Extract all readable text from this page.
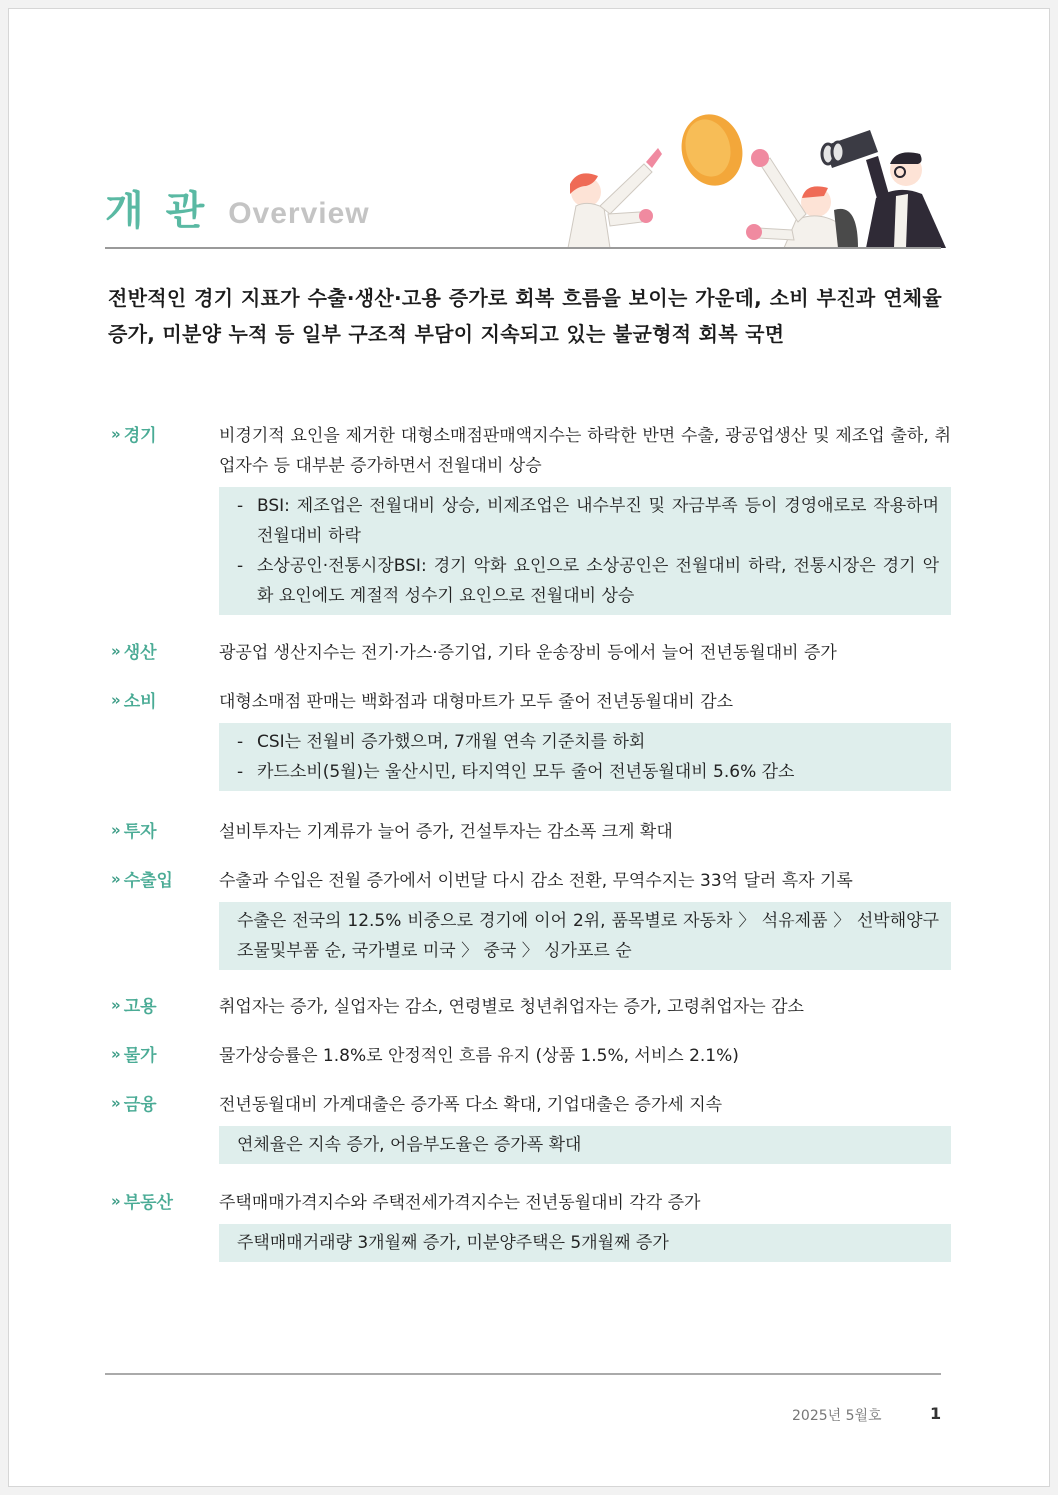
개 관 Overview

전반적인 경기 지표가 수출·생산·고용 증가로 회복 흐름을 보이는 가운데, 소비 부진과 연체율 증가, 미분양 누적 등 일부 구조적 부담이 지속되고 있는 불균형적 회복 국면

» 경기	비경기적 요인을 제거한 대형소매점판매액지수는 하락한 반면 수출, 광공업생산 및 제조업 출하, 취업자수 등 대부분 증가하면서 전월대비 상승

- BSI: 제조업은 전월대비 상승, 비제조업은 내수부진 및 자금부족 등이 경영애로로 작용하며 전월대비 하락

- 소상공인·전통시장BSI: 경기 악화 요인으로 소상공인은 전월대비 하락, 전통시장은 경기 악화 요인에도 계절적 성수기 요인으로 전월대비 상승

» 생산	광공업 생산지수는 전기·가스·증기업, 기타 운송장비 등에서 늘어 전년동월대비 증가

» 소비	대형소매점 판매는 백화점과 대형마트가 모두 줄어 전년동월대비 감소

- CSI는 전월비 증가했으며, 7개월 연속 기준치를 하회

- 카드소비(5월)는 울산시민, 타지역인 모두 줄어 전년동월대비 5.6% 감소

» 투자	설비투자는 기계류가 늘어 증가, 건설투자는 감소폭 크게 확대

» 수출입	수출과 수입은 전월 증가에서 이번달 다시 감소 전환, 무역수지는 33억 달러 흑자 기록

수출은 전국의 12.5% 비중으로 경기에 이어 2위, 품목별로 자동차 〉 석유제품 〉 선박해양구조물및부품 순, 국가별로 미국 〉 중국 〉 싱가포르 순

» 고용	취업자는 증가, 실업자는 감소, 연령별로 청년취업자는 증가, 고령취업자는 감소

» 물가	물가상승률은 1.8%로 안정적인 흐름 유지 (상품 1.5%, 서비스 2.1%)

» 금융	전년동월대비 가계대출은 증가폭 다소 확대, 기업대출은 증가세 지속

연체율은 지속 증가, 어음부도율은 증가폭 확대

» 부동산	주택매매가격지수와 주택전세가격지수는 전년동월대비 각각 증가

주택매매거래량 3개월째 증가, 미분양주택은 5개월째 증가

2025년 5월호	1
